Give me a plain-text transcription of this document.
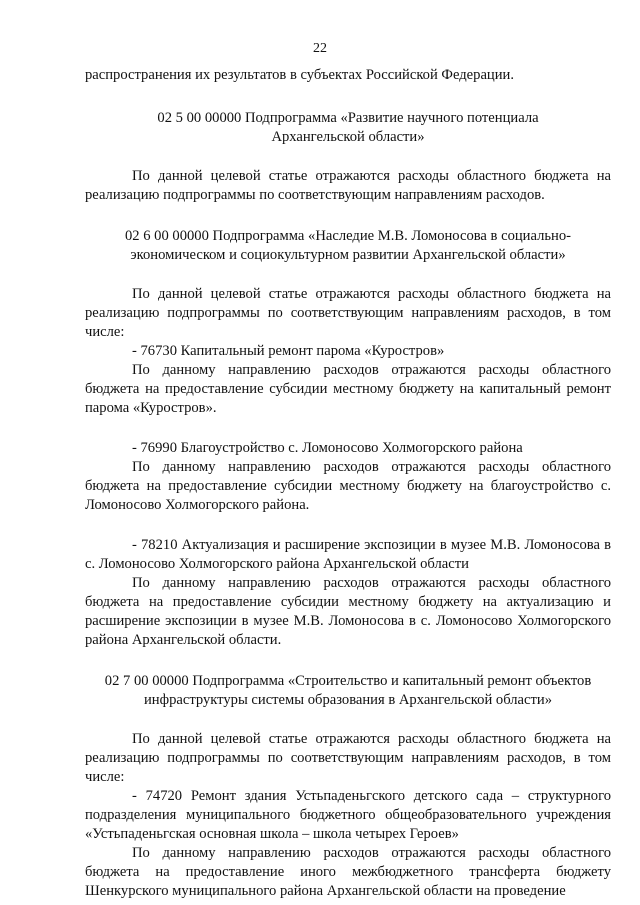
22

распространения их результатов в субъектах Российской Федерации.

02 5 00 00000 Подпрограмма «Развитие научного потенциала Архангельской области»

По данной целевой статье отражаются расходы областного бюджета на реализацию подпрограммы по соответствующим направлениям расходов.

02 6 00 00000 Подпрограмма «Наследие М.В. Ломоносова в социально-экономическом и социокультурном развитии Архангельской области»

По данной целевой статье отражаются расходы областного бюджета на реализацию подпрограммы по соответствующим направлениям расходов, в том числе:

- 76730 Капитальный ремонт парома «Куростров»

По данному направлению расходов отражаются расходы областного бюджета на предоставление субсидии местному бюджету на капитальный ремонт парома «Куростров».

- 76990 Благоустройство с. Ломоносово Холмогорского района

По данному направлению расходов отражаются расходы областного бюджета на предоставление субсидии местному бюджету на благоустройство с. Ломоносово Холмогорского района.

- 78210 Актуализация и расширение экспозиции в музее М.В. Ломоносова в с. Ломоносово Холмогорского района Архангельской области

По данному направлению расходов отражаются расходы областного бюджета на предоставление субсидии местному бюджету на актуализацию и расширение экспозиции в музее М.В. Ломоносова в с. Ломоносово Холмогорского района Архангельской области.

02 7 00 00000 Подпрограмма «Строительство и капитальный ремонт объектов инфраструктуры системы образования в Архангельской области»

По данной целевой статье отражаются расходы областного бюджета на реализацию подпрограммы по соответствующим направлениям расходов, в том числе:

- 74720 Ремонт здания Устьпаденьгского детского сада – структурного подразделения муниципального бюджетного общеобразовательного учреждения «Устьпаденьгская основная школа – школа четырех Героев»

По данному направлению расходов отражаются расходы областного бюджета на предоставление иного межбюджетного трансферта бюджету Шенкурского муниципального района Архангельской области на проведение
